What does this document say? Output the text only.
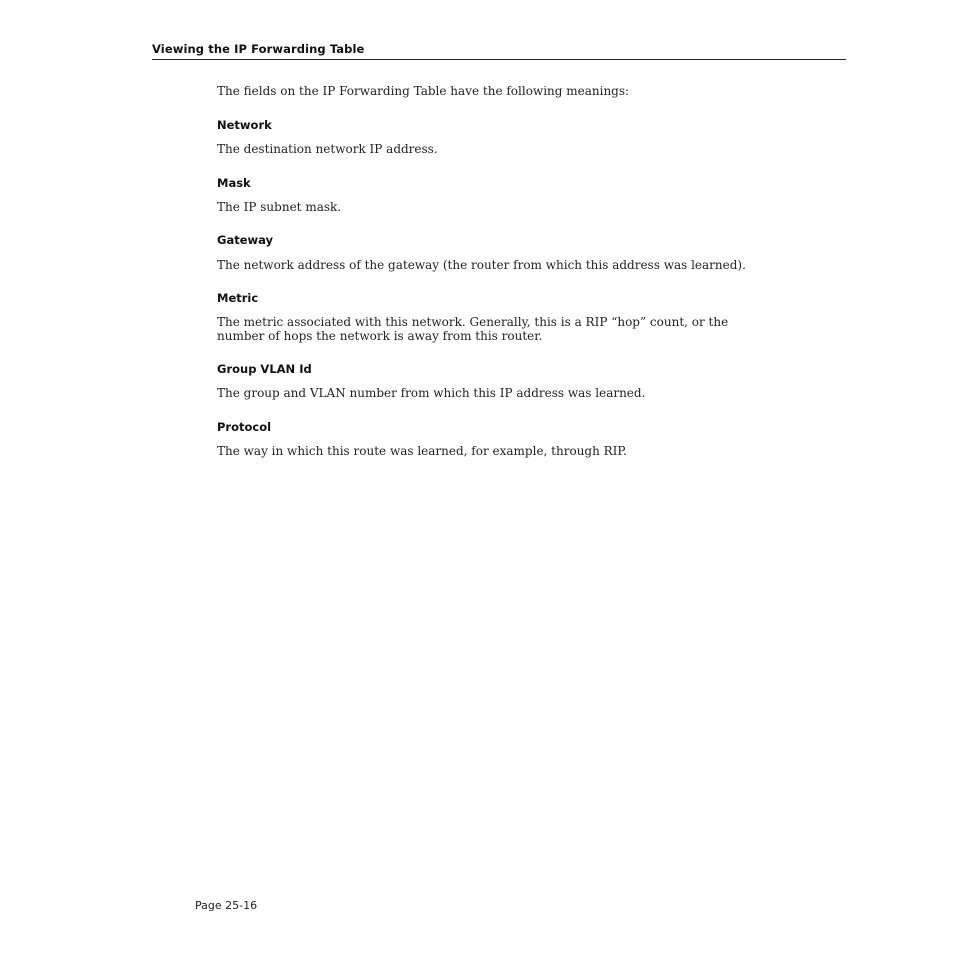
Viewing the IP Forwarding Table

The fields on the IP Forwarding Table have the following meanings:

Network

The destination network IP address.

Mask

The IP subnet mask.

Gateway

The network address of the gateway (the router from which this address was learned).

Metric

The metric associated with this network. Generally, this is a RIP “hop” count, or the number of hops the network is away from this router.

Group VLAN Id

The group and VLAN number from which this IP address was learned.

Protocol

The way in which this route was learned, for example, through RIP.

Page 25-16
